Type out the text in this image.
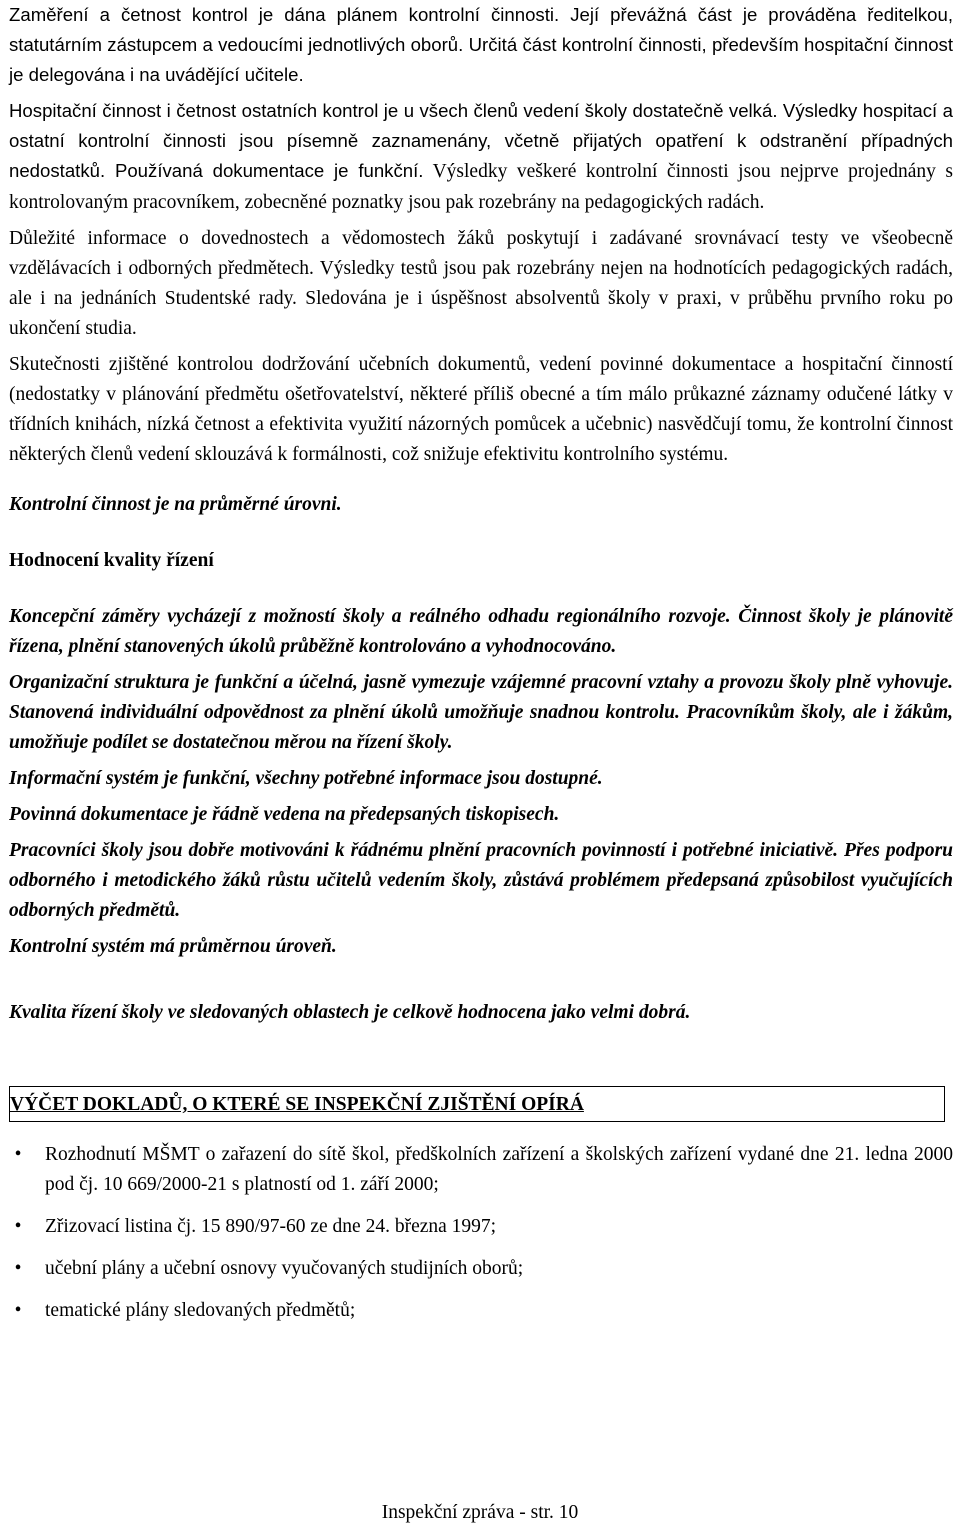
Zaměření a četnost kontrol je dána plánem kontrolní činnosti. Její převážná část je prováděna ředitelkou, statutárním zástupcem a vedoucími jednotlivých oborů. Určitá část kontrolní činnosti, především hospitační činnost je delegována i na uvádějící učitele.

Hospitační činnost i četnost ostatních kontrol je u všech členů vedení školy dostatečně velká. Výsledky hospitací a ostatní kontrolní činnosti jsou písemně zaznamenány, včetně přijatých opatření k odstranění případných nedostatků. Používaná dokumentace je funkční. Výsledky veškeré kontrolní činnosti jsou nejprve projednány s kontrolovaným pracovníkem, zobecněné poznatky jsou pak rozebrány na pedagogických radách.

Důležité informace o dovednostech a vědomostech žáků poskytují i zadávané srovnávací testy ve všeobecně vzdělávacích i odborných předmětech. Výsledky testů jsou pak rozebrány nejen na hodnotících pedagogických radách, ale i na jednáních Studentské rady. Sledována je i úspěšnost absolventů školy v praxi, v průběhu prvního roku po ukončení studia.

Skutečnosti zjištěné kontrolou dodržování učebních dokumentů, vedení povinné dokumentace a hospitační činností (nedostatky v plánování předmětu ošetřovatelství, některé příliš obecné a tím málo průkazné záznamy odučené látky v třídních knihách, nízká četnost a efektivita využití názorných pomůcek a učebnic) nasvědčují tomu, že kontrolní činnost některých členů vedení sklouzává k formálnosti, což snižuje efektivitu kontrolního systému.

Kontrolní činnost je na průměrné úrovni.

Hodnocení kvality řízení

Koncepční záměry vycházejí z možností školy a reálného odhadu regionálního rozvoje. Činnost školy je plánovitě řízena, plnění stanovených úkolů průběžně kontrolováno a vyhodnocováno.

Organizační struktura je funkční a účelná, jasně vymezuje vzájemné pracovní vztahy a provozu školy plně vyhovuje. Stanovená individuální odpovědnost za plnění úkolů umožňuje snadnou kontrolu. Pracovníkům školy, ale i žákům, umožňuje podílet se dostatečnou měrou na řízení školy.

Informační systém je funkční, všechny potřebné informace jsou dostupné.

Povinná dokumentace je řádně vedena na předepsaných tiskopisech.

Pracovníci školy jsou dobře motivováni k řádnému plnění pracovních povinností i potřebné iniciativě. Přes podporu odborného i metodického žáků růstu učitelů vedením školy, zůstává problémem předepsaná způsobilost vyučujících odborných předmětů.

Kontrolní systém má průměrnou úroveň.

Kvalita řízení školy ve sledovaných oblastech je celkově hodnocena jako velmi dobrá.

VÝČET DOKLADŮ, O KTERÉ SE INSPEKČNÍ ZJIŠTĚNÍ OPÍRÁ
• Rozhodnutí MŠMT o zařazení do sítě škol, předškolních zařízení a školských zařízení vydané dne 21. ledna 2000 pod čj. 10 669/2000-21 s platností od 1. září 2000;
• Zřizovací listina čj. 15 890/97-60 ze dne 24. března 1997;
• učební plány a učební osnovy vyučovaných studijních oborů;
• tematické plány sledovaných předmětů;
Inspekční zpráva - str. 10
